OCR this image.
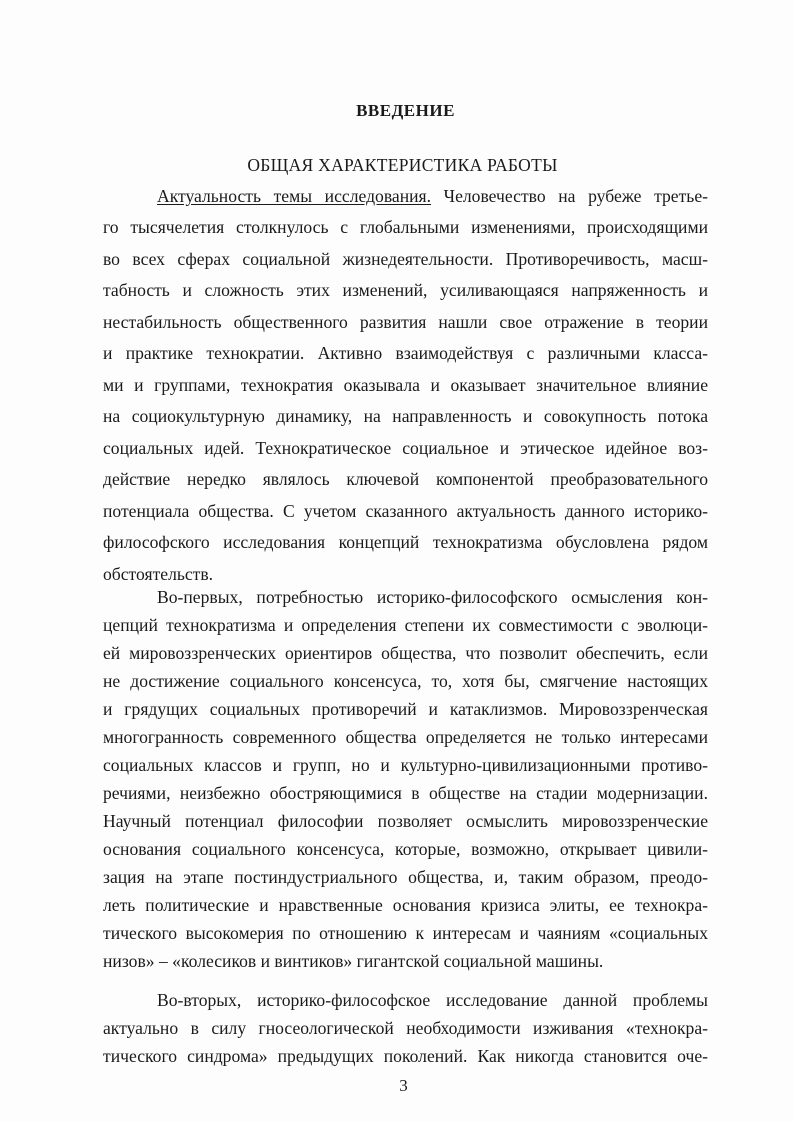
ВВЕДЕНИЕ
ОБЩАЯ ХАРАКТЕРИСТИКА РАБОТЫ
Актуальность темы исследования. Человечество на рубеже третье-
го тысячелетия столкнулось с глобальными изменениями, происходящими
во всех сферах социальной жизнедеятельности. Противоречивость, масш-
табность и сложность этих изменений, усиливающаяся напряженность и
нестабильность общественного развития нашли свое отражение в теории
и практике технократии. Активно взаимодействуя с различными класса-
ми и группами, технократия оказывала и оказывает значительное влияние
на социокультурную динамику, на направленность и совокупность потока
социальных идей. Технократическое социальное и этическое идейное воз-
действие нередко являлось ключевой компонентой преобразовательного
потенциала общества. С учетом сказанного актуальность данного историко-
философского исследования концепций технократизма обусловлена рядом
обстоятельств.
Во-первых, потребностью историко-философского осмысления кон-
цепций технократизма и определения степени их совместимости с эволюци-
ей мировоззренческих ориентиров общества, что позволит обеспечить, если
не достижение социального консенсуса, то, хотя бы, смягчение настоящих
и грядущих социальных противоречий и катаклизмов. Мировоззренческая
многогранность современного общества определяется не только интересами
социальных классов и групп, но и культурно-цивилизационными противо-
речиями, неизбежно обостряющимися в обществе на стадии модернизации.
Научный потенциал философии позволяет осмыслить мировоззренческие
основания социального консенсуса, которые, возможно, открывает цивили-
зация на этапе постиндустриального общества, и, таким образом, преодо-
леть политические и нравственные основания кризиса элиты, ее технокра-
тического высокомерия по отношению к интересам и чаяниям «социальных
низов» – «колесиков и винтиков» гигантской социальной машины.
Во-вторых, историко-философское исследование данной проблемы
актуально в силу гносеологической необходимости изживания «технокра-
тического синдрома» предыдущих поколений. Как никогда становится оче-
3
